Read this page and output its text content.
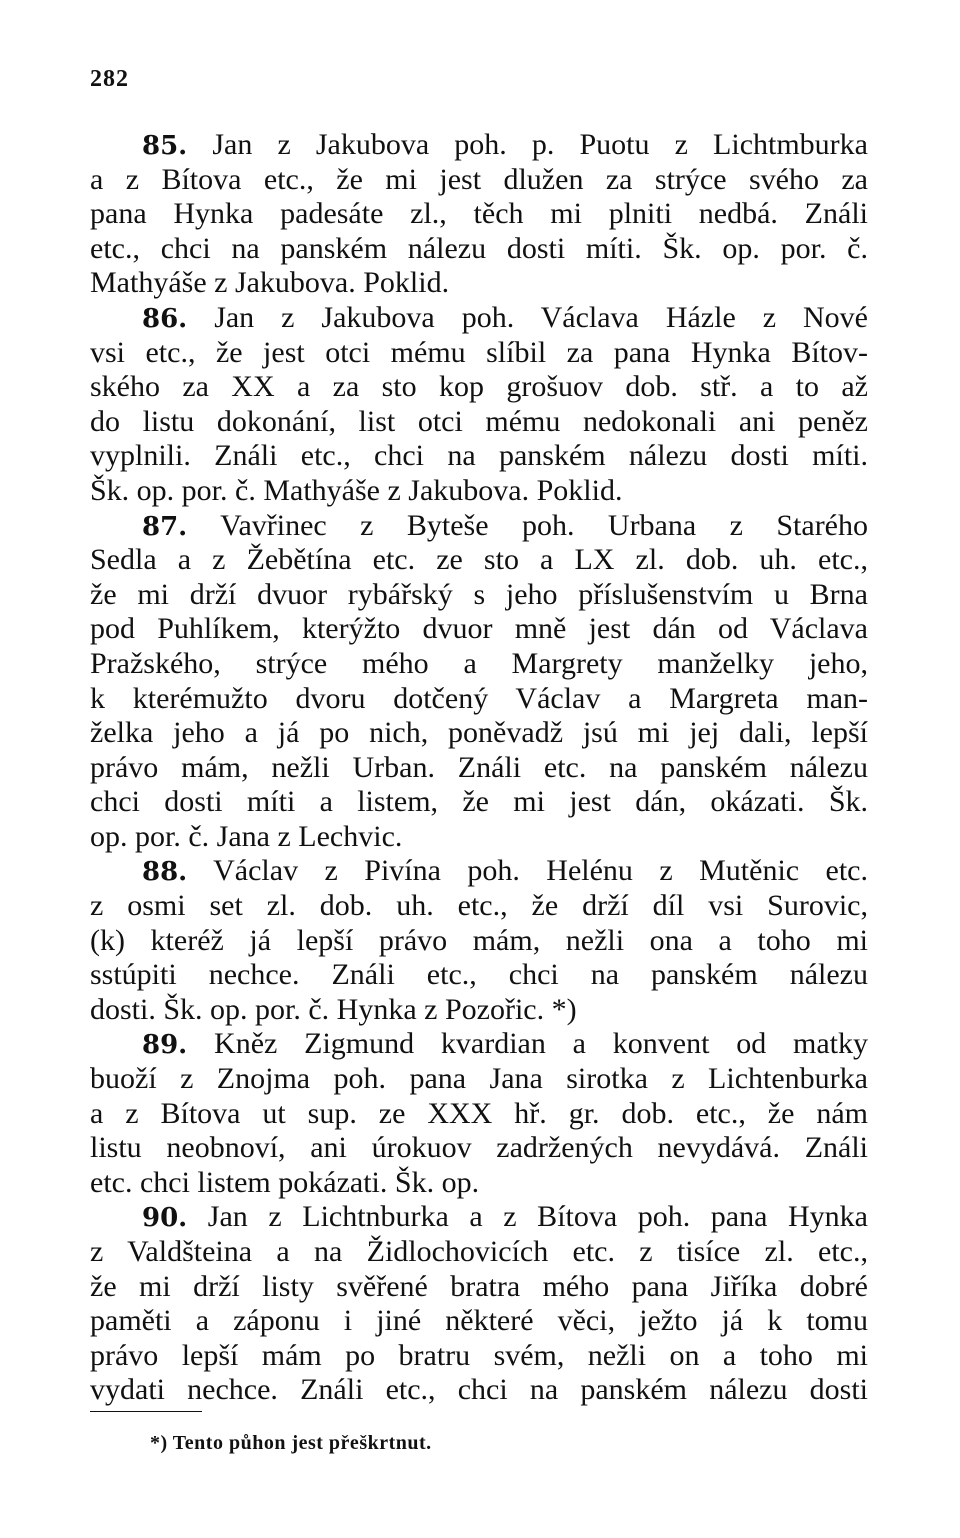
282
85. Jan z Jakubova poh. p. Puotu z Lichtmburka
a z Bítova etc., že mi jest dlužen za strýce svého za
pana Hynka padesáte zl., těch mi plniti nedbá. Ználi
etc., chci na panském nálezu dosti míti. Šk. op. por. č.
Mathyáše z Jakubova. Poklid.
86. Jan z Jakubova poh. Václava Házle z Nové
vsi etc., že jest otci mému slíbil za pana Hynka Bítov-
ského za XX a za sto kop grošuov dob. stř. a to až
do listu dokonání, list otci mému nedokonali ani peněz
vyplnili. Ználi etc., chci na panském nálezu dosti míti.
Šk. op. por. č. Mathyáše z Jakubova. Poklid.
87. Vavřinec z Byteše poh. Urbana z Starého
Sedla a z Žebětína etc. ze sto a LX zl. dob. uh. etc.,
že mi drží dvuor rybářský s jeho příslušenstvím u Brna
pod Puhlíkem, kterýžto dvuor mně jest dán od Václava
Pražského, strýce mého a Margrety manželky jeho,
k kterémužto dvoru dotčený Václav a Margreta man-
želka jeho a já po nich, poněvadž jsú mi jej dali, lepší
právo mám, nežli Urban. Ználi etc. na panském nálezu
chci dosti míti a listem, že mi jest dán, okázati. Šk.
op. por. č. Jana z Lechvic.
88. Václav z Pivína poh. Helénu z Mutěnic etc.
z osmi set zl. dob. uh. etc., že drží díl vsi Surovic,
(k) kteréž já lepší právo mám, nežli ona a toho mi
sstúpiti nechce. Ználi etc., chci na panském nálezu
dosti. Šk. op. por. č. Hynka z Pozořic. *)
89. Kněz Zigmund kvardian a konvent od matky
buoží z Znojma poh. pana Jana sirotka z Lichtenburka
a z Bítova ut sup. ze XXX hř. gr. dob. etc., že nám
listu neobnoví, ani úrokuov zadržených nevydává. Ználi
etc. chci listem pokázati. Šk. op.
90. Jan z Lichtnburka a z Bítova poh. pana Hynka
z Valdšteina a na Židlochovicích etc. z tisíce zl. etc.,
že mi drží listy svěřené bratra mého pana Jiříka dobré
paměti a záponu i jiné některé věci, ježto já k tomu
právo lepší mám po bratru svém, nežli on a toho mi
vydati nechce. Ználi etc., chci na panském nálezu dosti
*) Tento půhon jest přeškrtnut.
